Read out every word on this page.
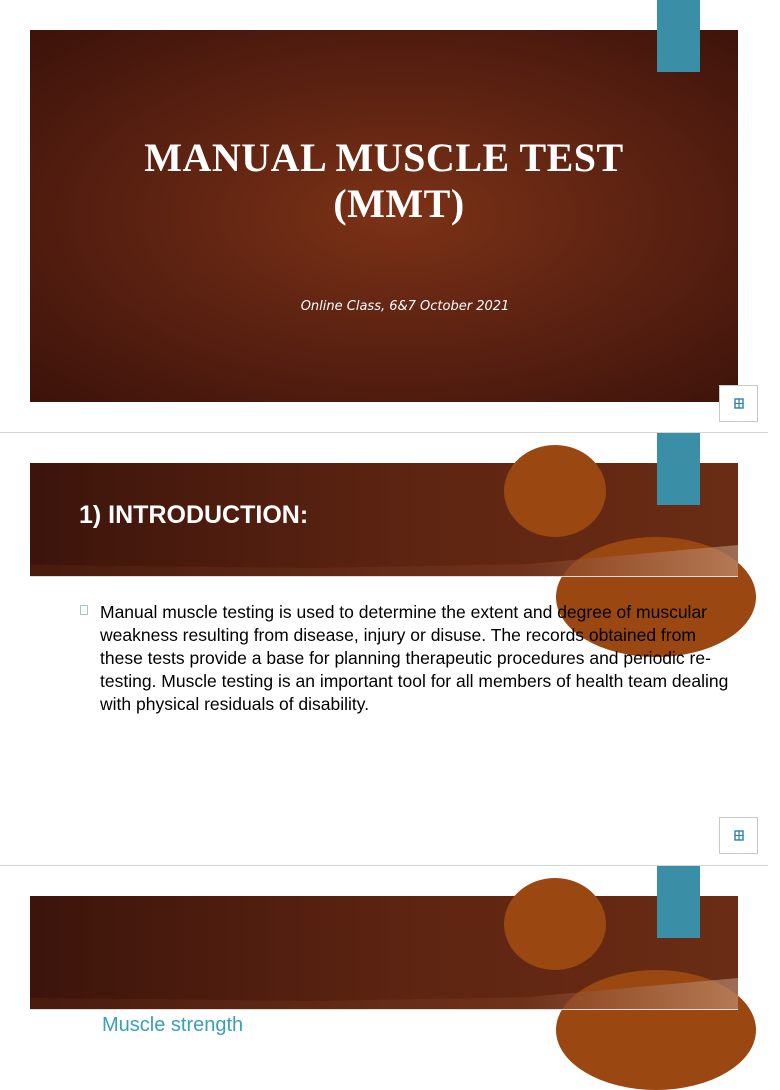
MANUAL MUSCLE TEST
(MMT)
Online Class, 6&7 October 2021
1) INTRODUCTION:

Manual muscle testing is used to determine the extent and degree of muscular weakness resulting from disease, injury or disuse. The records obtained from these tests provide a base for planning therapeutic procedures and periodic re-testing. Muscle testing is an important tool for all members of health team dealing with physical residuals of disability.

Muscle strength
